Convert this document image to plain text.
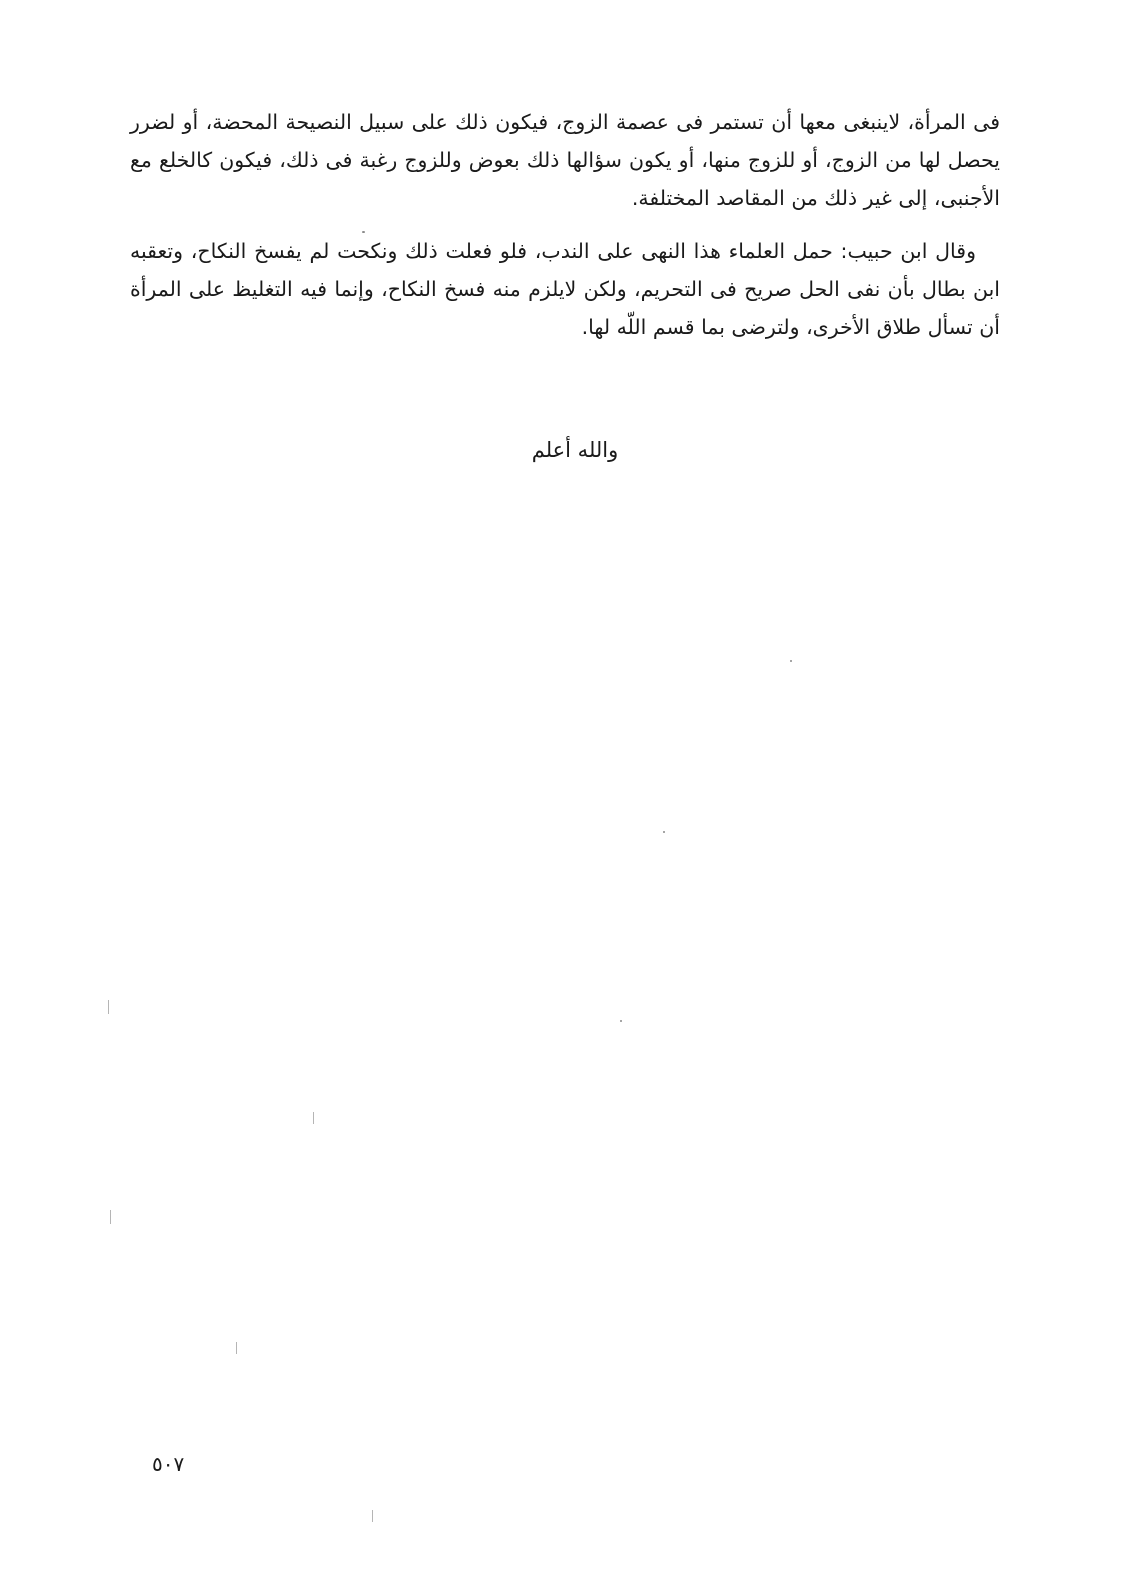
فى المرأة، لاينبغى معها أن تستمر فى عصمة الزوج، فيكون ذلك على سبيل النصيحة المحضة، أو لضرر يحصل لها من الزوج، أو للزوج منها، أو يكون سؤالها ذلك بعوض وللزوج رغبة فى ذلك، فيكون كالخلع مع الأجنبى، إلى غير ذلك من المقاصد المختلفة.

وقال ابن حبيب: حمل العلماء هذا النهى على الندب، فلو فعلت ذلك ونكحت لم يفسخ النكاح، وتعقبه ابن بطال بأن نفى الحل صريح فى التحريم، ولكن لايلزم منه فسخ النكاح، وإنما فيه التغليظ على المرأة أن تسأل طلاق الأخرى، ولترضى بما قسم اللّه لها.

والله أعلم
٥٠٧
